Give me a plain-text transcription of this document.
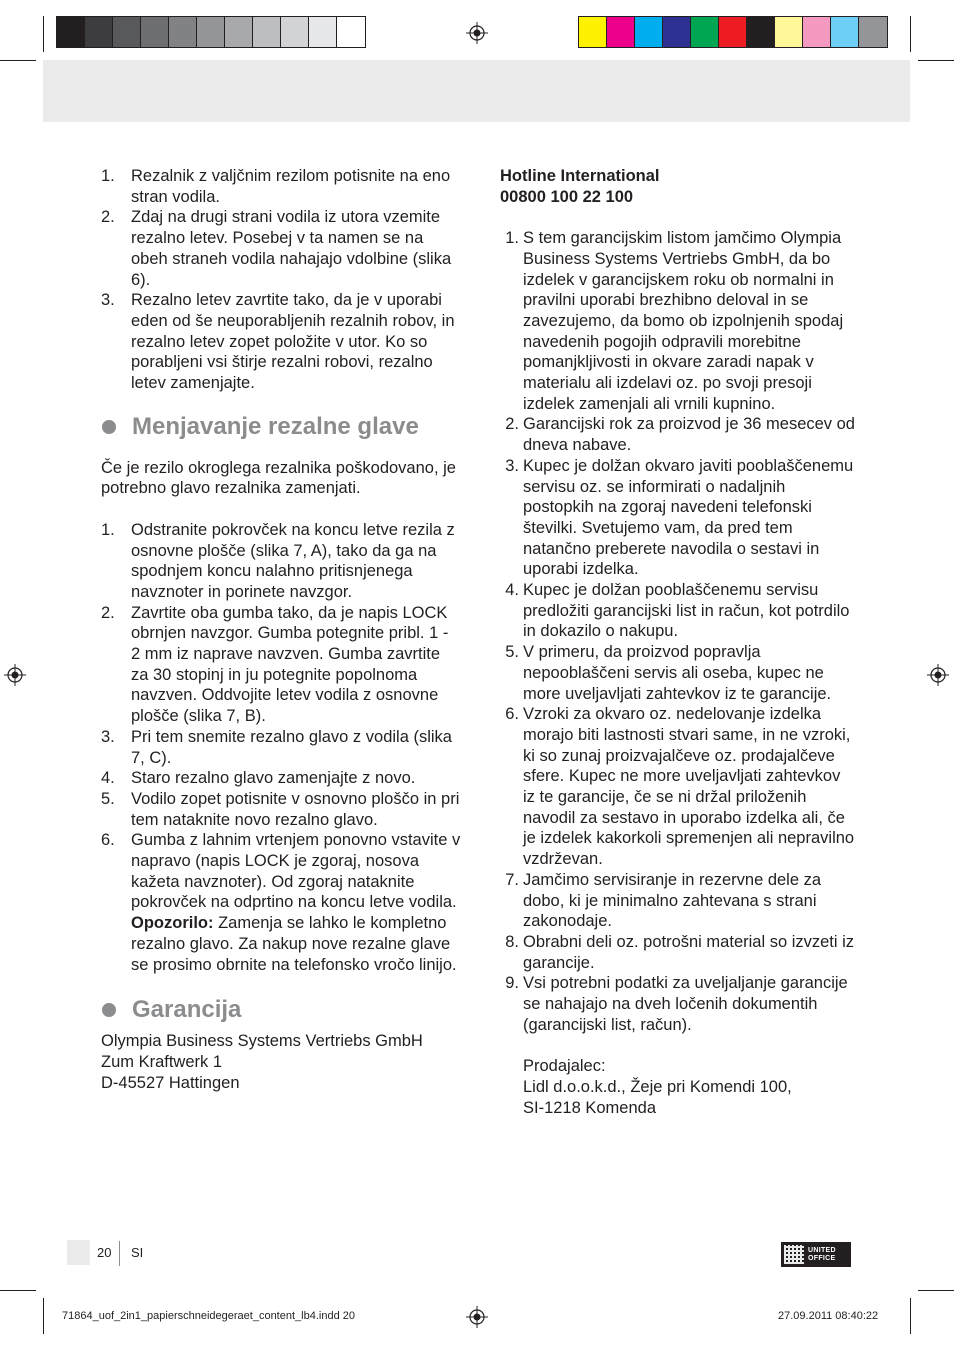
1. Rezalnik z valjčnim rezilom potisnite na eno stran vodila.
2. Zdaj na drugi strani vodila iz utora vzemite rezalno letev. Posebej v ta namen se na obeh straneh vodila nahajajo vdolbine (slika 6).
3. Rezalno letev zavrtite tako, da je v uporabi eden od še neuporabljenih rezalnih robov, in rezalno letev zopet položite v utor. Ko so porabljeni vsi štirje rezalni robovi, rezalno letev zamenjajte.
Menjavanje rezalne glave

Če je rezilo okroglega rezalnika poškodovano, je potrebno glavo rezalnika zamenjati.

1. Odstranite pokrovček na koncu letve rezila z osnovne plošče (slika 7, A), tako da ga na spodnjem koncu nalahno pritisnjenega navznoter in porinete navzgor.
2. Zavrtite oba gumba tako, da je napis LOCK obrnjen navzgor. Gumba potegnite pribl. 1 - 2 mm iz naprave navzven. Gumba zavrtite za 30 stopinj in ju potegnite popolnoma navzven. Oddvojite letev vodila z osnovne plošče (slika 7, B).
3. Pri tem snemite rezalno glavo z vodila (slika 7, C).
4. Staro rezalno glavo zamenjajte z novo.
5. Vodilo zopet potisnite v osnovno ploščo in pri tem nataknite novo rezalno glavo.
6. Gumba z lahnim vrtenjem ponovno vstavite v napravo (napis LOCK je zgoraj, nosova kažeta navznoter). Od zgoraj nataknite pokrovček na odprtino na koncu letve vodila.
Opozorilo: Zamenja se lahko le kompletno rezalno glavo. Za nakup nove rezalne glave se prosimo obrnite na telefonsko vročo linijo.
Garancija

Olympia Business Systems Vertriebs GmbH

Zum Kraftwerk 1

D-45527 Hattingen

Hotline International

00800 100 22 100

1. S tem garancijskim listom jamčimo Olympia Business Systems Vertriebs GmbH, da bo izdelek v garancijskem roku ob normalni in pravilni uporabi brezhibno deloval in se zavezujemo, da bomo ob izpolnjenih spodaj navedenih pogojih odpravili morebitne pomanjkljivosti in okvare zaradi napak v materialu ali izdelavi oz. po svoji presoji izdelek zamenjali ali vrnili kupnino.
2. Garancijski rok za proizvod je 36 mesecev od dneva nabave.
3. Kupec je dolžan okvaro javiti pooblaščenemu servisu oz. se informirati o nadaljnih postopkih na zgoraj navedeni telefonski številki. Svetujemo vam, da pred tem natančno preberete navodila o sestavi in uporabi izdelka.
4. Kupec je dolžan pooblaščenemu servisu predložiti garancijski list in račun, kot potrdilo in dokazilo o nakupu.
5. V primeru, da proizvod popravlja nepooblaščeni servis ali oseba, kupec ne more uveljavljati zahtevkov iz te garancije.
6. Vzroki za okvaro oz. nedelovanje izdelka morajo biti lastnosti stvari same, in ne vzroki, ki so zunaj proizvajalčeve oz. prodajalčeve sfere. Kupec ne more uveljavljati zahtevkov iz te garancije, če se ni držal priloženih navodil za sestavo in uporabo izdelka ali, če je izdelek kakorkoli spremenjen ali nepravilno vzdrževan.
7. Jamčimo servisiranje in rezervne dele za dobo, ki je minimalno zahtevana s strani zakonodaje.
8. Obrabni deli oz. potrošni material so izvzeti iz garancije.
9. Vsi potrebni podatki za uveljaljanje garancije se nahajajo na dveh ločenih dokumentih (garancijski list, račun).

Prodajalec:

Lidl d.o.o.k.d., Žeje pri Komendi 100,

SI-1218 Komenda

20 SI	UNITED
OFFICE
71864_uof_2in1_papierschneidegeraet_content_lb4.indd 20	27.09.2011 08:40:22
